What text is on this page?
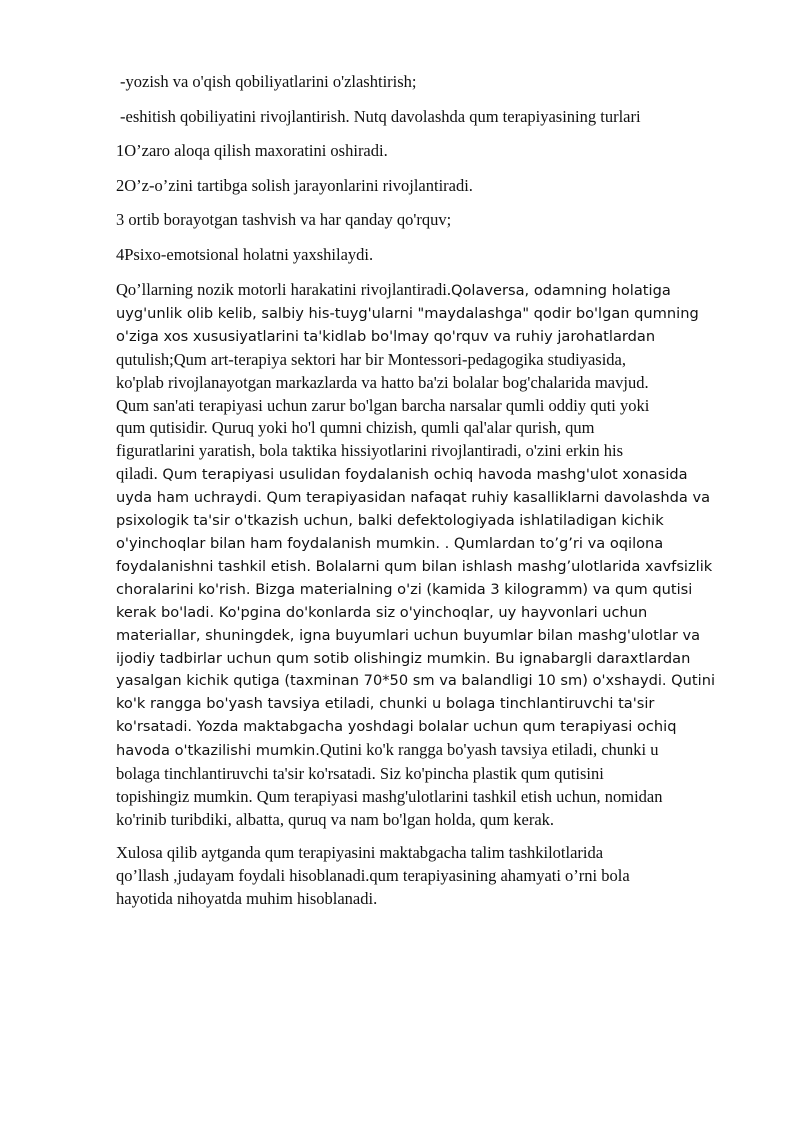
-yozish va o'qish qobiliyatlarini o'zlashtirish;

-eshitish qobiliyatini rivojlantirish. Nutq davolashda qum terapiyasining turlari

1O’zaro aloqa qilish maxoratini oshiradi.

2O’z-o’zini tartibga solish jarayonlarini rivojlantiradi.

3 ortib borayotgan tashvish va har qanday qo'rquv;

4Psixo-emotsional holatni yaxshilaydi.

Qo’llarning nozik motorli harakatini rivojlantiradi.Qolaversa, odamning holatiga
uyg'unlik olib kelib, salbiy his-tuyg'ularni "maydalashga" qodir bo'lgan qumning
o'ziga xos xususiyatlarini ta'kidlab bo'lmay qo'rquv va ruhiy jarohatlardan
qutulish;Qum art-terapiya sektori har bir Montessori-pedagogika studiyasida,
ko'plab rivojlanayotgan markazlarda va hatto ba'zi bolalar bog'chalarida mavjud.
Qum san'ati terapiyasi uchun zarur bo'lgan barcha narsalar qumli oddiy quti yoki
qum qutisidir. Quruq yoki ho'l qumni chizish, qumli qal'alar qurish, qum
figuratlarini yaratish, bola taktika hissiyotlarini rivojlantiradi, o'zini erkin his
qiladi. Qum terapiyasi usulidan foydalanish ochiq havoda mashg'ulot xonasida
uyda ham uchraydi. Qum terapiyasidan nafaqat ruhiy kasalliklarni davolashda va
psixologik ta'sir o'tkazish uchun, balki defektologiyada ishlatiladigan kichik
o'yinchoqlar bilan ham foydalanish mumkin. . Qumlardan to’g’ri va oqilona
foydalanishni tashkil etish. Bolalarni qum bilan ishlash mashg’ulotlarida xavfsizlik
choralarini ko'rish. Bizga materialning o'zi (kamida 3 kilogramm) va qum qutisi
kerak bo'ladi. Ko'pgina do'konlarda siz o'yinchoqlar, uy hayvonlari uchun
materiallar, shuningdek, igna buyumlari uchun buyumlar bilan mashg'ulotlar va
ijodiy tadbirlar uchun qum sotib olishingiz mumkin. Bu ignabargli daraxtlardan
yasalgan kichik qutiga (taxminan 70*50 sm va balandligi 10 sm) o'xshaydi. Qutini
ko'k rangga bo'yash tavsiya etiladi, chunki u bolaga tinchlantiruvchi ta'sir
ko'rsatadi. Yozda maktabgacha yoshdagi bolalar uchun qum terapiyasi ochiq
havoda o'tkazilishi mumkin.Qutini ko'k rangga bo'yash tavsiya etiladi, chunki u
bolaga tinchlantiruvchi ta'sir ko'rsatadi. Siz ko'pincha plastik qum qutisini
topishingiz mumkin. Qum terapiyasi mashg'ulotlarini tashkil etish uchun, nomidan
ko'rinib turibdiki, albatta, quruq va nam bo'lgan holda, qum kerak.
Xulosa qilib aytganda qum terapiyasini maktabgacha talim tashkilotlarida
qo’llash ,judayam foydali hisoblanadi.qum terapiyasining ahamyati o’rni bola
hayotida nihoyatda muhim hisoblanadi.
